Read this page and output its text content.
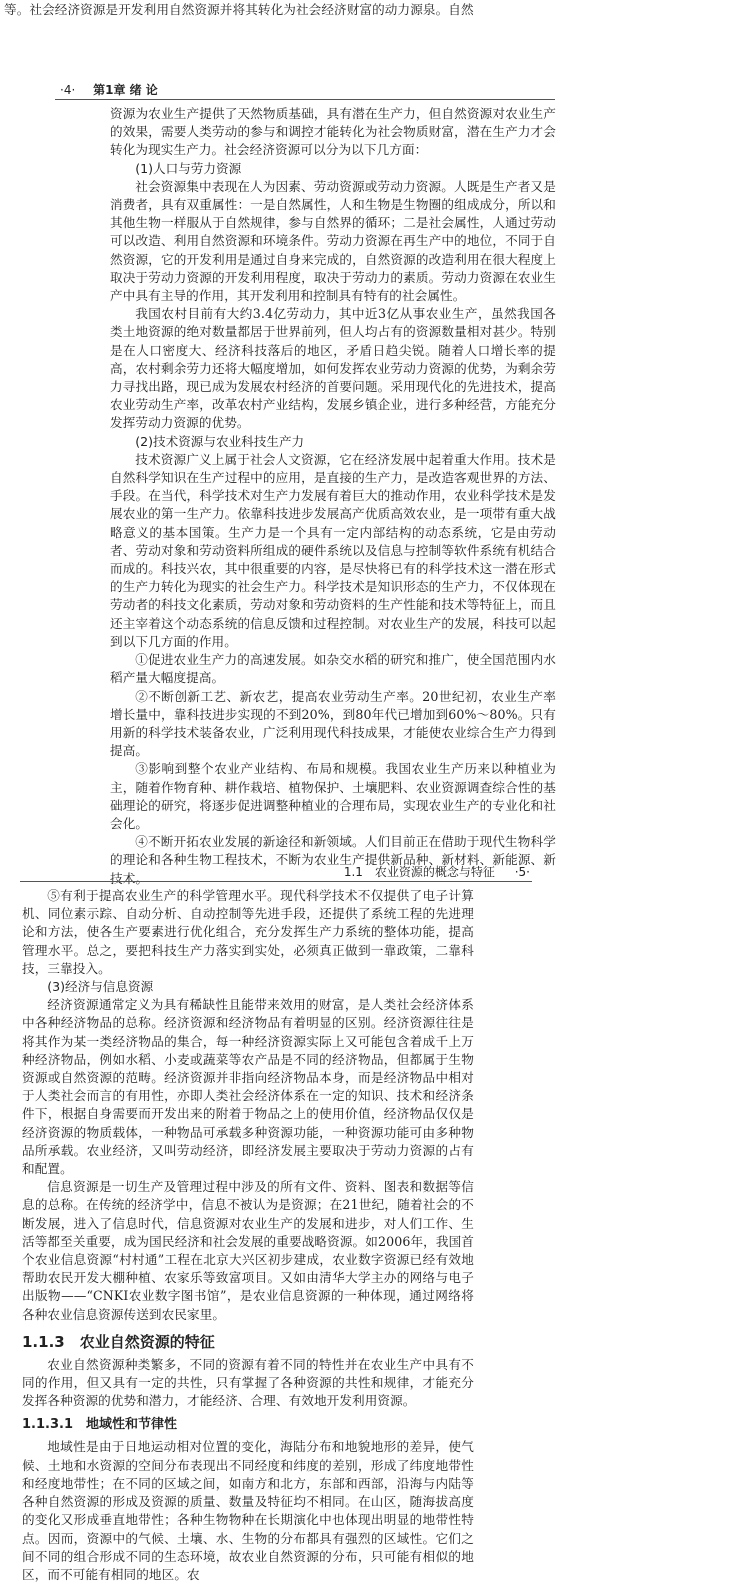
等。社会经济资源是开发利用自然资源并将其转化为社会经济财富的动力源泉。自然

·4· 第1章 绪 论

资源为农业生产提供了天然物质基础，具有潜在生产力，但自然资源对农业生产的效果，需要人类劳动的参与和调控才能转化为社会物质财富，潜在生产力才会转化为现实生产力。社会经济资源可以分为以下几方面：

(1)人口与劳力资源

社会资源集中表现在人为因素、劳动资源或劳动力资源。人既是生产者又是消费者，具有双重属性：一是自然属性，人和生物是生物圈的组成成分，所以和其他生物一样服从于自然规律，参与自然界的循环；二是社会属性，人通过劳动可以改造、利用自然资源和环境条件。劳动力资源在再生产中的地位，不同于自然资源，它的开发利用是通过自身来完成的，自然资源的改造利用在很大程度上取决于劳动力资源的开发利用程度，取决于劳动力的素质。劳动力资源在农业生产中具有主导的作用，其开发利用和控制具有特有的社会属性。

我国农村目前有大约3.4亿劳动力，其中近3亿从事农业生产，虽然我国各类土地资源的绝对数量都居于世界前列，但人均占有的资源数量相对甚少。特别是在人口密度大、经济科技落后的地区，矛盾日趋尖锐。随着人口增长率的提高，农村剩余劳力还将大幅度增加，如何发挥农业劳动力资源的优势，为剩余劳力寻找出路，现已成为发展农村经济的首要问题。采用现代化的先进技术，提高农业劳动生产率，改革农村产业结构，发展乡镇企业，进行多种经营，方能充分发挥劳动力资源的优势。

(2)技术资源与农业科技生产力

技术资源广义上属于社会人文资源，它在经济发展中起着重大作用。技术是自然科学知识在生产过程中的应用，是直接的生产力，是改造客观世界的方法、手段。在当代，科学技术对生产力发展有着巨大的推动作用，农业科学技术是发展农业的第一生产力。依靠科技进步发展高产优质高效农业，是一项带有重大战略意义的基本国策。生产力是一个具有一定内部结构的动态系统，它是由劳动者、劳动对象和劳动资料所组成的硬件系统以及信息与控制等软件系统有机结合而成的。科技兴农，其中很重要的内容，是尽快将已有的科学技术这一潜在形式的生产力转化为现实的社会生产力。科学技术是知识形态的生产力，不仅体现在劳动者的科技文化素质，劳动对象和劳动资料的生产性能和技术等特征上，而且还主宰着这个动态系统的信息反馈和过程控制。对农业生产的发展，科技可以起到以下几方面的作用。

①促进农业生产力的高速发展。如杂交水稻的研究和推广，使全国范围内水稻产量大幅度提高。

②不断创新工艺、新农艺，提高农业劳动生产率。20世纪初，农业生产率增长量中，靠科技进步实现的不到20%，到80年代已增加到60%～80%。只有用新的科学技术装备农业，广泛利用现代科技成果，才能使农业综合生产力得到提高。

③影响到整个农业产业结构、布局和规模。我国农业生产历来以种植业为主，随着作物育种、耕作栽培、植物保护、土壤肥料、农业资源调查综合性的基础理论的研究，将逐步促进调整种植业的合理布局，实现农业生产的专业化和社会化。

④不断开拓农业发展的新途径和新领域。人们目前正在借助于现代生物科学的理论和各种生物工程技术，不断为农业生产提供新品种、新材料、新能源、新技术。	1.1　农业资源的概念与特征 ·5·

⑤有利于提高农业生产的科学管理水平。现代科学技术不仅提供了电子计算机、同位素示踪、自动分析、自动控制等先进手段，还提供了系统工程的先进理论和方法，使各生产要素进行优化组合，充分发挥生产力系统的整体功能，提高管理水平。总之，要把科技生产力落实到实处，必须真正做到一靠政策，二靠科技，三靠投入。

(3)经济与信息资源

经济资源通常定义为具有稀缺性且能带来效用的财富，是人类社会经济体系中各种经济物品的总称。经济资源和经济物品有着明显的区别。经济资源往往是将其作为某一类经济物品的集合，每一种经济资源实际上又可能包含着成千上万种经济物品，例如水稻、小麦或蔬菜等农产品是不同的经济物品，但都属于生物资源或自然资源的范畴。经济资源并非指向经济物品本身，而是经济物品中相对于人类社会而言的有用性，亦即人类社会经济体系在一定的知识、技术和经济条件下，根据自身需要而开发出来的附着于物品之上的使用价值，经济物品仅仅是经济资源的物质载体，一种物品可承载多种资源功能，一种资源功能可由多种物品所承载。农业经济，又叫劳动经济，即经济发展主要取决于劳动力资源的占有和配置。

信息资源是一切生产及管理过程中涉及的所有文件、资料、图表和数据等信息的总称。在传统的经济学中，信息不被认为是资源；在21世纪，随着社会的不断发展，进入了信息时代，信息资源对农业生产的发展和进步，对人们工作、生活等都至关重要，成为国民经济和社会发展的重要战略资源。如2006年，我国首个农业信息资源“村村通”工程在北京大兴区初步建成，农业数字资源已经有效地帮助农民开发大棚种植、农家乐等致富项目。又如由清华大学主办的网络与电子出版物——“CNKI农业数字图书馆”，是农业信息资源的一种体现，通过网络将各种农业信息资源传送到农民家里。

1.1.3　农业自然资源的特征

农业自然资源种类繁多，不同的资源有着不同的特性并在农业生产中具有不同的作用，但又具有一定的共性，只有掌握了各种资源的共性和规律，才能充分发挥各种资源的优势和潜力，才能经济、合理、有效地开发利用资源。

1.1.3.1　地域性和节律性

地域性是由于日地运动相对位置的变化，海陆分布和地貌地形的差异，使气候、土地和水资源的空间分布表现出不同经度和纬度的差别，形成了纬度地带性和经度地带性；在不同的区域之间，如南方和北方，东部和西部，沿海与内陆等各种自然资源的形成及资源的质量、数量及特征均不相同。在山区，随海拔高度的变化又形成垂直地带性；各种生物物种在长期演化中也体现出明显的地带性特点。因而，资源中的气候、土壤、水、生物的分布都具有强烈的区域性。它们之间不同的组合形成不同的生态环境，故农业自然资源的分布，只可能有相似的地区，而不可能有相同的地区。农
